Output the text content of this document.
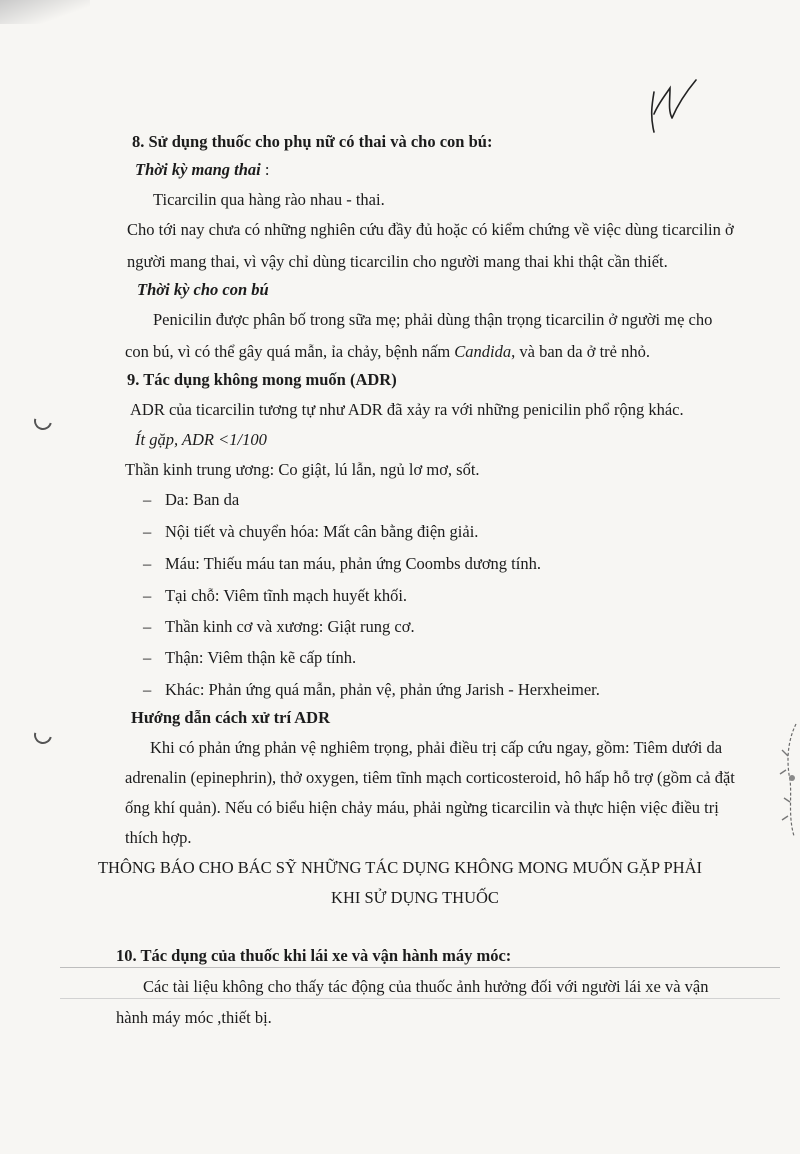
8. Sử dụng thuốc cho phụ nữ có thai và cho con bú:
Thời kỳ mang thai :
Ticarcilin qua hàng rào nhau - thai.
Cho tới nay chưa có những nghiên cứu đầy đủ hoặc có kiểm chứng về việc dùng ticarcilin ở
người mang thai, vì vậy chỉ dùng ticarcilin cho người mang thai khi thật cần thiết.
Thời kỳ cho con bú
Penicilin được phân bố trong sữa mẹ; phải dùng thận trọng ticarcilin ở người mẹ cho
con bú, vì có thể gây quá mẫn, ỉa chảy, bệnh nấm Candida, và ban da ở trẻ nhỏ.
9. Tác dụng không mong muốn (ADR)
ADR của ticarcilin tương tự như ADR đã xảy ra với những penicilin phổ rộng khác.
Ít gặp, ADR <1/100
Thần kinh trung ương: Co giật, lú lẫn, ngủ lơ mơ, sốt.
– Da: Ban da
– Nội tiết và chuyển hóa: Mất cân bằng điện giải.
– Máu: Thiếu máu tan máu, phản ứng Coombs dương tính.
– Tại chỗ: Viêm tĩnh mạch huyết khối.
– Thần kinh cơ và xương: Giật rung cơ.
– Thận: Viêm thận kẽ cấp tính.
– Khác: Phản ứng quá mẫn, phản vệ, phản ứng Jarish - Herxheimer.
Hướng dẫn cách xử trí ADR
Khi có phản ứng phản vệ nghiêm trọng, phải điều trị cấp cứu ngay, gồm: Tiêm dưới da
adrenalin (epinephrin), thở oxygen, tiêm tĩnh mạch corticosteroid, hô hấp hỗ trợ (gồm cả đặt
ống khí quản). Nếu có biểu hiện chảy máu, phải ngừng ticarcilin và thực hiện việc điều trị
thích hợp.
THÔNG BÁO CHO BÁC SỸ NHỮNG TÁC DỤNG KHÔNG MONG MUỐN GẶP PHẢI
KHI SỬ DỤNG THUỐC
10. Tác dụng của thuốc khi lái xe và vận hành máy móc:
Các tài liệu không cho thấy tác động của thuốc ảnh hưởng đối với người lái xe và vận
hành máy móc ,thiết bị.
